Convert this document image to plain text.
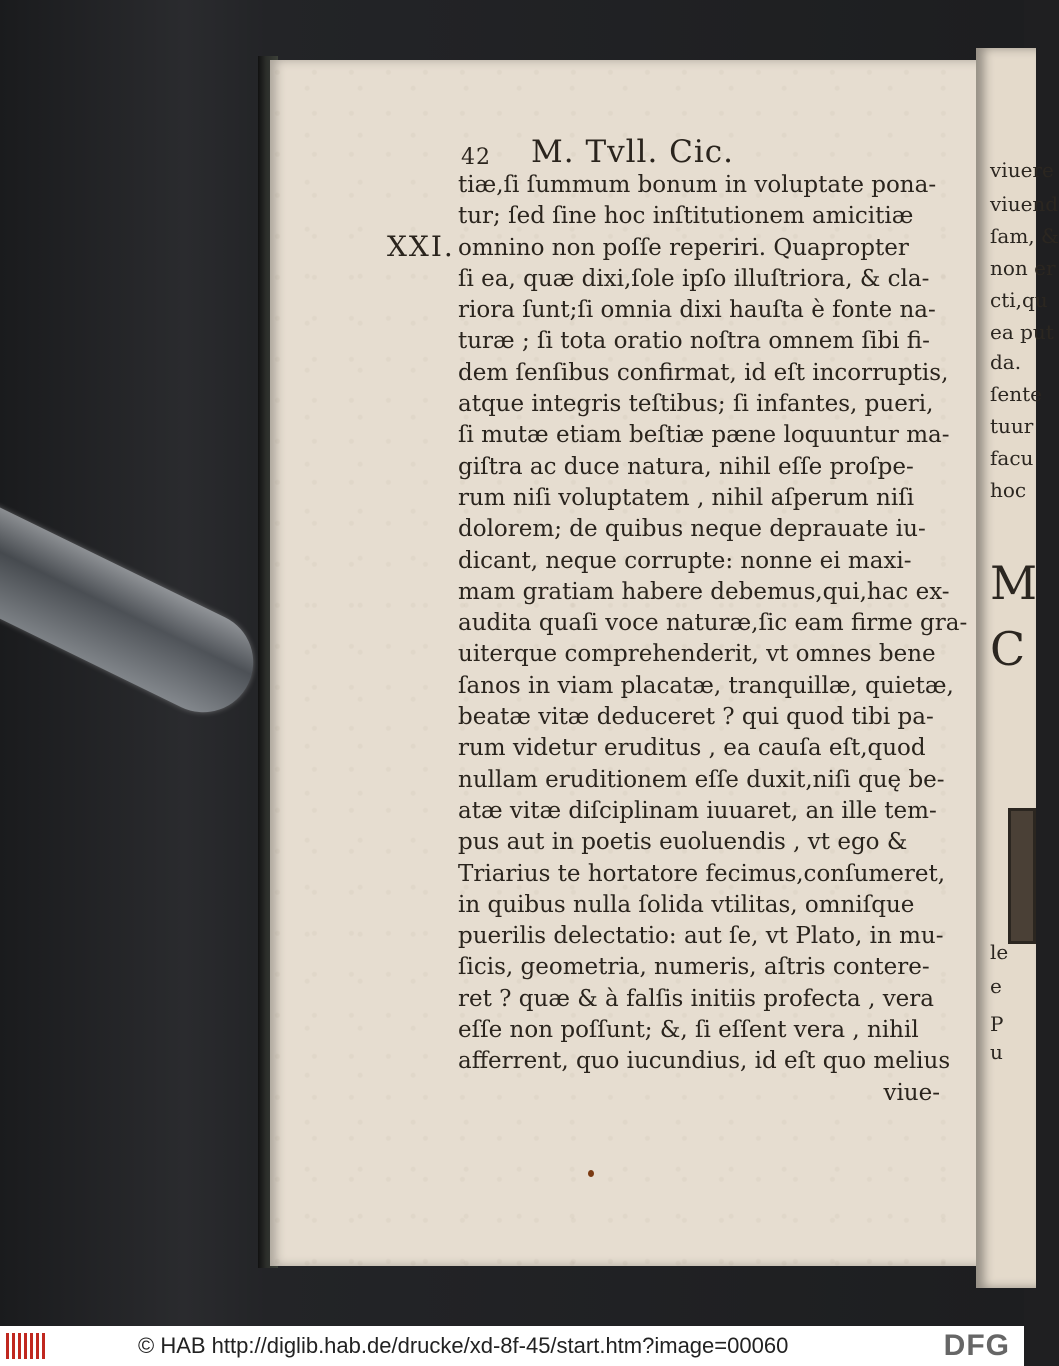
viuere
viuend
ſam, &
non er
cti,qu
ea put
da.
ſente
tuur
facu
hoc
M
C
le
e
P
u
42 M. Tvll. Cic.
XXI.
tiæ,ſi ſummum bonum in voluptate pona-
tur; ſed ſine hoc inſtitutionem amicitiæ
omnino non poſſe reperiri. Quapropter
ſi ea, quæ dixi,ſole ipſo illuſtriora, & cla-
riora ſunt;ſi omnia dixi hauſta è fonte na-
turæ ; ſi tota oratio noſtra omnem ſibi fi-
dem ſenſibus confirmat, id eſt incorruptis,
atque integris teſtibus; ſi infantes, pueri,
ſi mutæ etiam beſtiæ pæne loquuntur ma-
giſtra ac duce natura, nihil eſſe proſpe-
rum niſi voluptatem , nihil aſperum niſi
dolorem; de quibus neque deprauate iu-
dicant, neque corrupte: nonne ei maxi-
mam gratiam habere debemus,qui,hac ex-
audita quaſi voce naturæ,ſic eam firme gra-
uiterque comprehenderit, vt omnes bene
ſanos in viam placatæ, tranquillæ, quietæ,
beatæ vitæ deduceret ? qui quod tibi pa-
rum videtur eruditus , ea cauſa eſt,quod
nullam eruditionem eſſe duxit,niſi quę be-
atæ vitæ diſciplinam iuuaret, an ille tem-
pus aut in poetis euoluendis , vt ego &
Triarius te hortatore fecimus,conſumeret,
in quibus nulla ſolida vtilitas, omniſque
puerilis delectatio: aut ſe, vt Plato, in mu-
ſicis, geometria, numeris, aſtris contere-
ret ? quæ & à falſis initiis profecta , vera
eſſe non poſſunt; &, ſi eſſent vera , nihil
afferrent, quo iucundius, id eſt quo melius
viue-
© HAB http://diglib.hab.de/drucke/xd-8f-45/start.htm?image=00060	DFG
